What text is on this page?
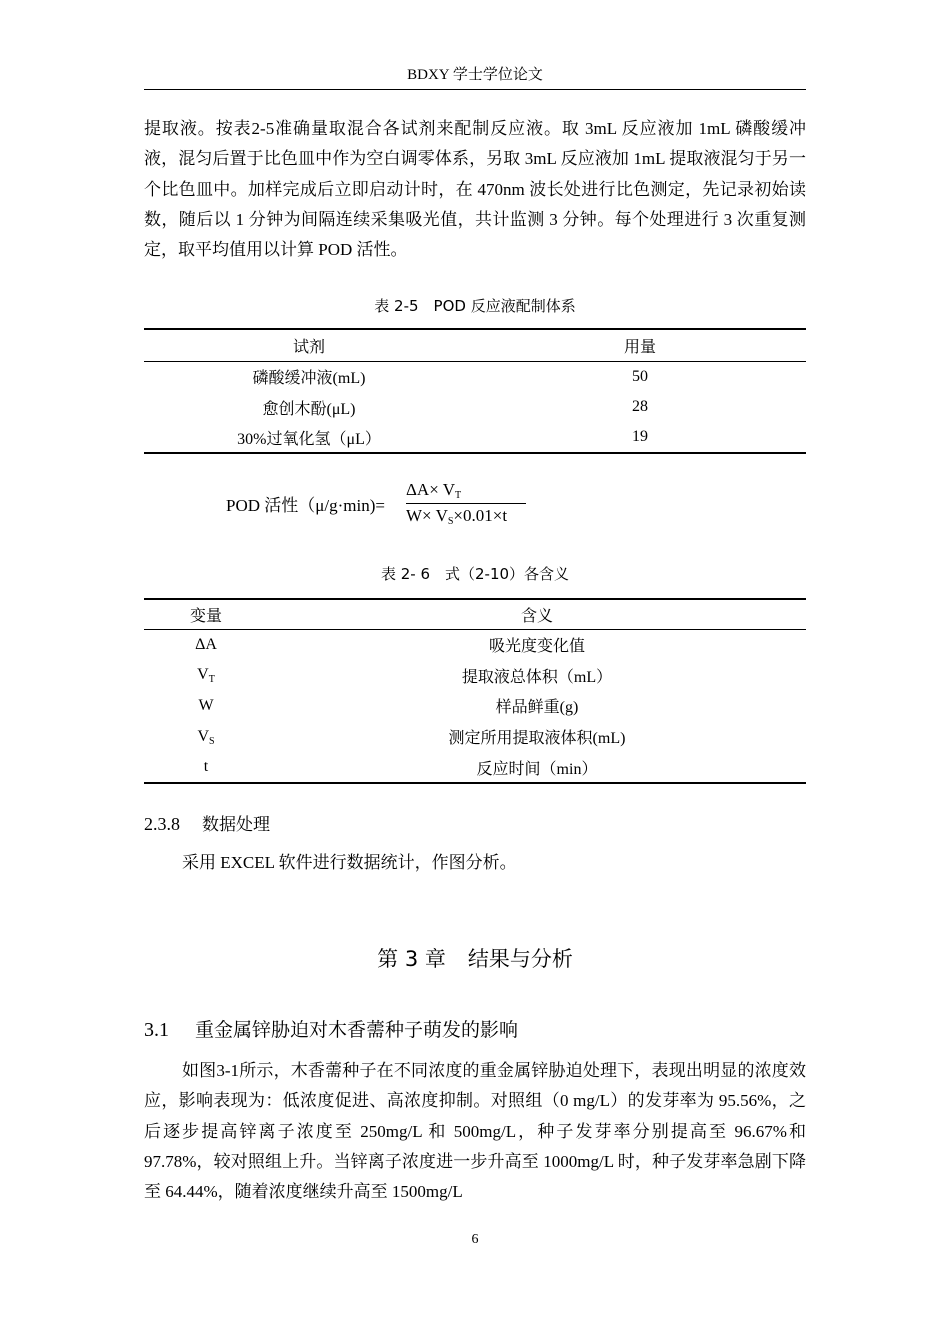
BDXY 学士学位论文

提取液。按表2-5准确量取混合各试剂来配制反应液。取 3mL 反应液加 1mL 磷酸缓冲液，混匀后置于比色皿中作为空白调零体系，另取 3mL 反应液加 1mL 提取液混匀于另一个比色皿中。加样完成后立即启动计时，在 470nm 波长处进行比色测定，先记录初始读数，随后以 1 分钟为间隔连续采集吸光值，共计监测 3 分钟。每个处理进行 3 次重复测定，取平均值用以计算 POD 活性。

表 2-5　POD 反应液配制体系
试剂	用量
磷酸缓冲液(mL)	50
愈创木酚(μL)	28
30%过氧化氢（μL）	19
POD 活性（μ/g·min)=
$\Delta A\times V_T$
$W\times V_S\times 0.01\times t$
表 2- 6　式（2-10）各含义
变量	含义
ΔA	吸光度变化值
$V_T$	提取液总体积（mL）
W	样品鲜重(g)
$V_S$	测定所用提取液体积(mL)
t	反应时间（min）
2.3.8 数据处理

采用 EXCEL 软件进行数据统计，作图分析。

第 3 章 结果与分析
3.1 重金属锌胁迫对木香薷种子萌发的影响

如图3-1所示，木香薷种子在不同浓度的重金属锌胁迫处理下，表现出明显的浓度效应，影响表现为：低浓度促进、高浓度抑制。对照组（0 mg/L）的发芽率为 95.56%，之后逐步提高锌离子浓度至 250mg/L 和 500mg/L，种子发芽率分别提高至 96.67%和 97.78%，较对照组上升。当锌离子浓度进一步升高至 1000mg/L 时，种子发芽率急剧下降至 64.44%，随着浓度继续升高至 1500mg/L

6
